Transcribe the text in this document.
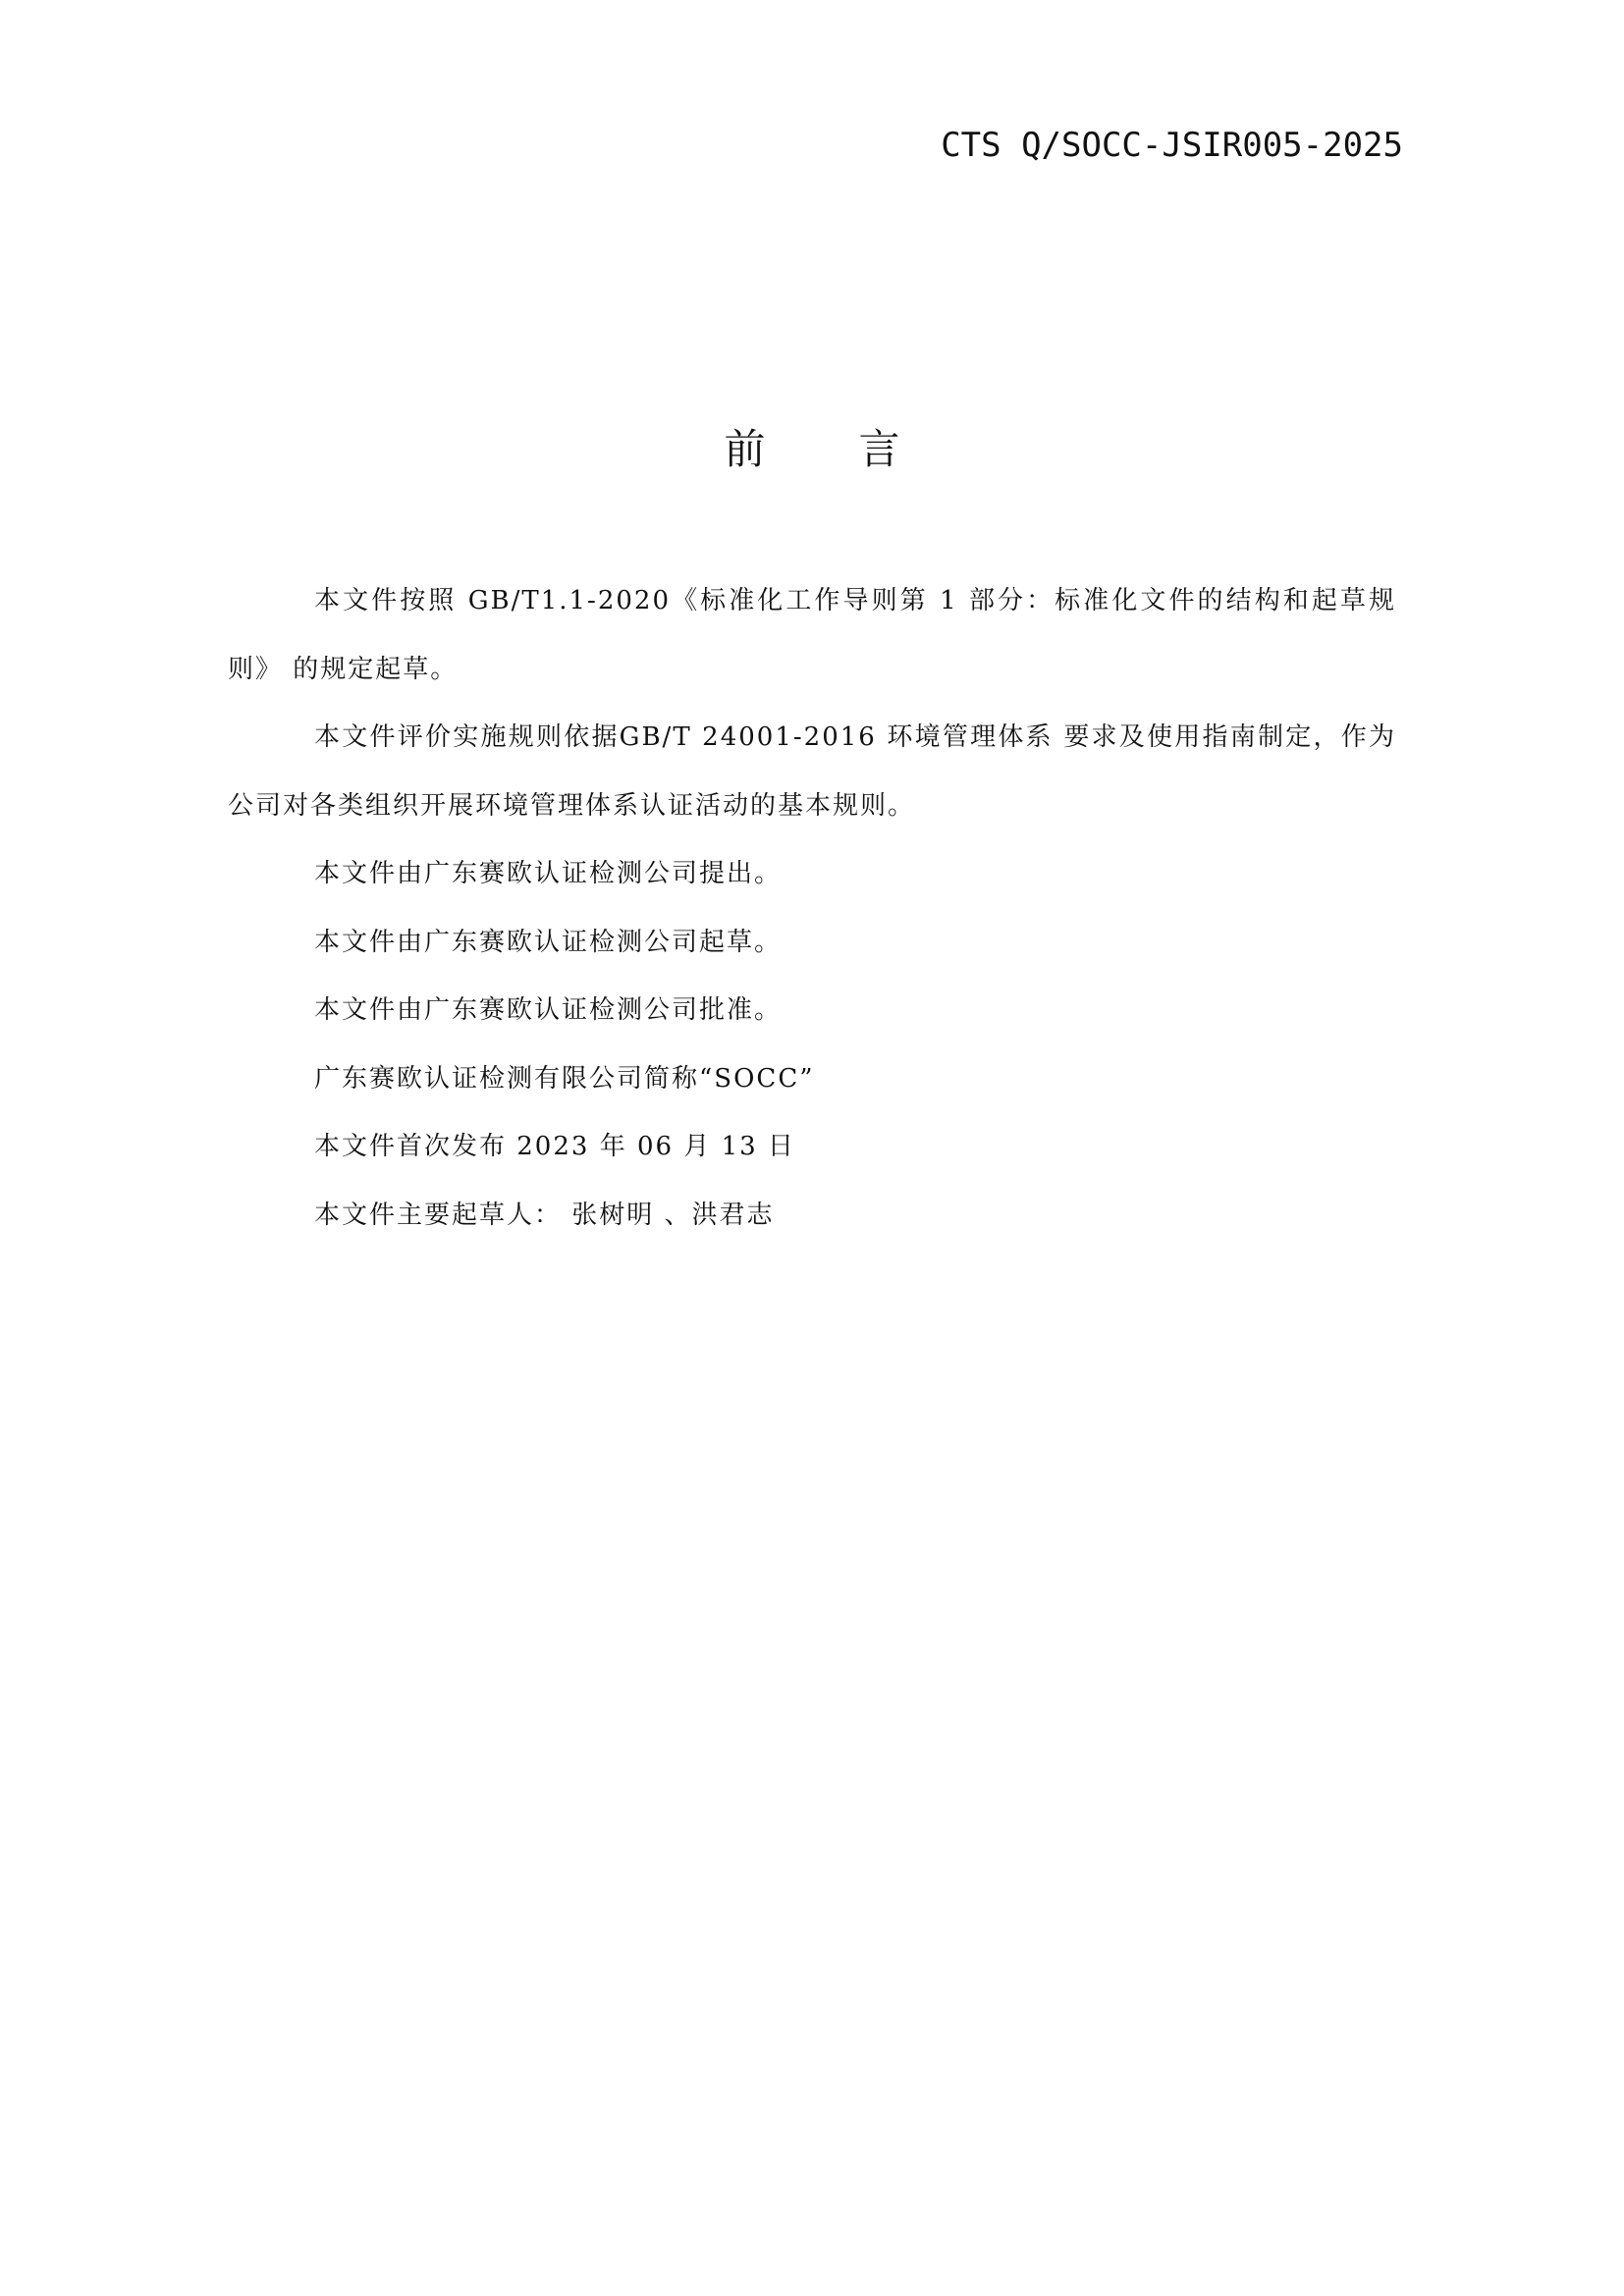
CTS Q/SOCC-JSIR005-2025
前 言

本文件按照 GB/T1.1-2020《标准化工作导则第 1 部分：标准化文件的结构和起草规则》 的规定起草。

本文件评价实施规则依据GB/T 24001-2016 环境管理体系 要求及使用指南制定，作为公司对各类组织开展环境管理体系认证活动的基本规则。

本文件由广东赛欧认证检测公司提出。

本文件由广东赛欧认证检测公司起草。

本文件由广东赛欧认证检测公司批准。

广东赛欧认证检测有限公司简称“SOCC”

本文件首次发布 2023 年 06 月 13 日

本文件主要起草人： 张树明 、洪君志
